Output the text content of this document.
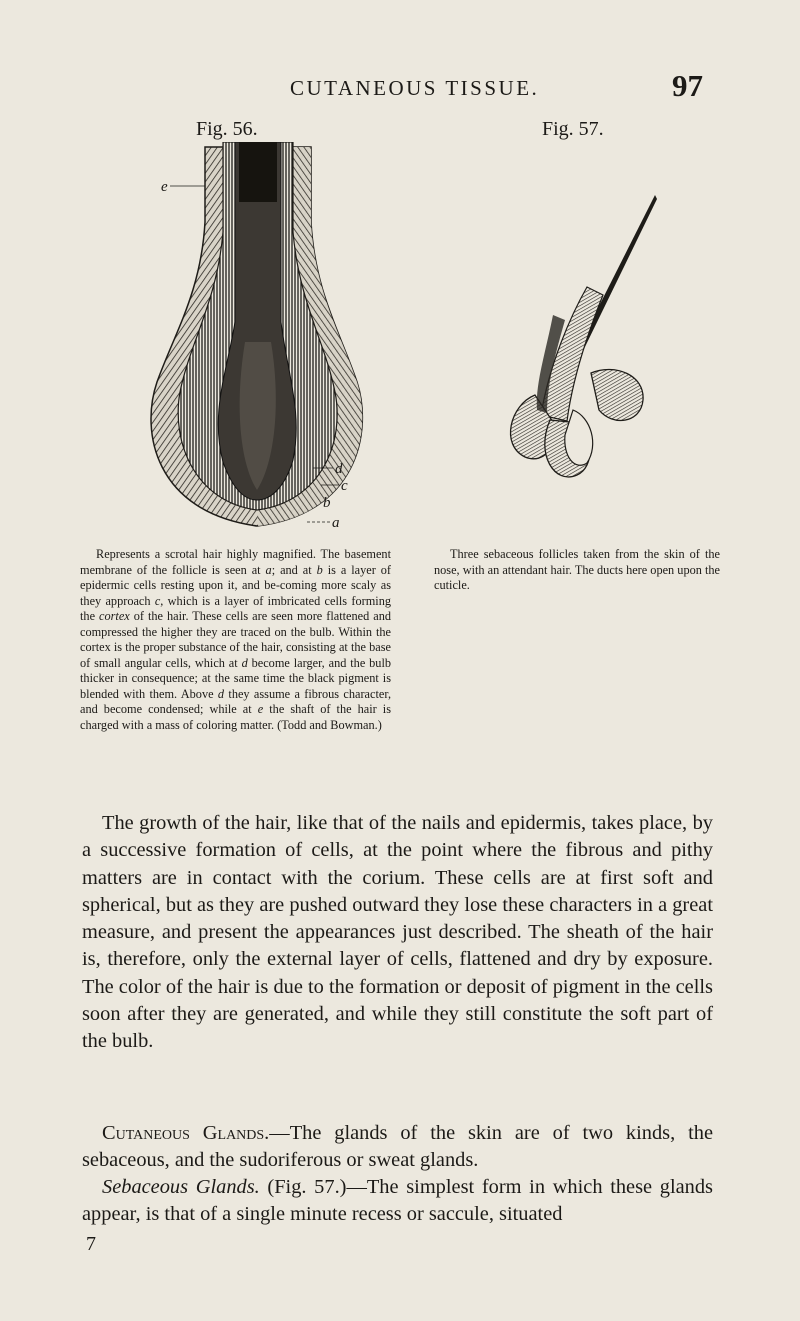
CUTANEOUS TISSUE.	97
Fig. 56.	Fig. 57.
e
d
c
b
a
Represents a scrotal hair highly magnified. The basement membrane of the follicle is seen at a; and at b is a layer of epidermic cells resting upon it, and be-coming more scaly as they approach c, which is a layer of imbricated cells forming the cortex of the hair. These cells are seen more flattened and compressed the higher they are traced on the bulb. Within the cortex is the proper substance of the hair, consisting at the base of small angular cells, which at d become larger, and the bulb thicker in consequence; at the same time the black pigment is blended with them. Above d they assume a fibrous character, and become condensed; while at e the shaft of the hair is charged with a mass of coloring matter. (Todd and Bowman.)
Three sebaceous follicles taken from the skin of the nose, with an attendant hair. The ducts here open upon the cuticle.
The growth of the hair, like that of the nails and epidermis, takes place, by a successive formation of cells, at the point where the fibrous and pithy matters are in contact with the corium. These cells are at first soft and spherical, but as they are pushed outward they lose these characters in a great measure, and present the appearances just described. The sheath of the hair is, therefore, only the external layer of cells, flattened and dry by exposure. The color of the hair is due to the formation or deposit of pigment in the cells soon after they are generated, and while they still constitute the soft part of the bulb.
Cutaneous Glands.—The glands of the skin are of two kinds, the sebaceous, and the sudoriferous or sweat glands.
Sebaceous Glands. (Fig. 57.)—The simplest form in which these glands appear, is that of a single minute recess or saccule, situated
7
